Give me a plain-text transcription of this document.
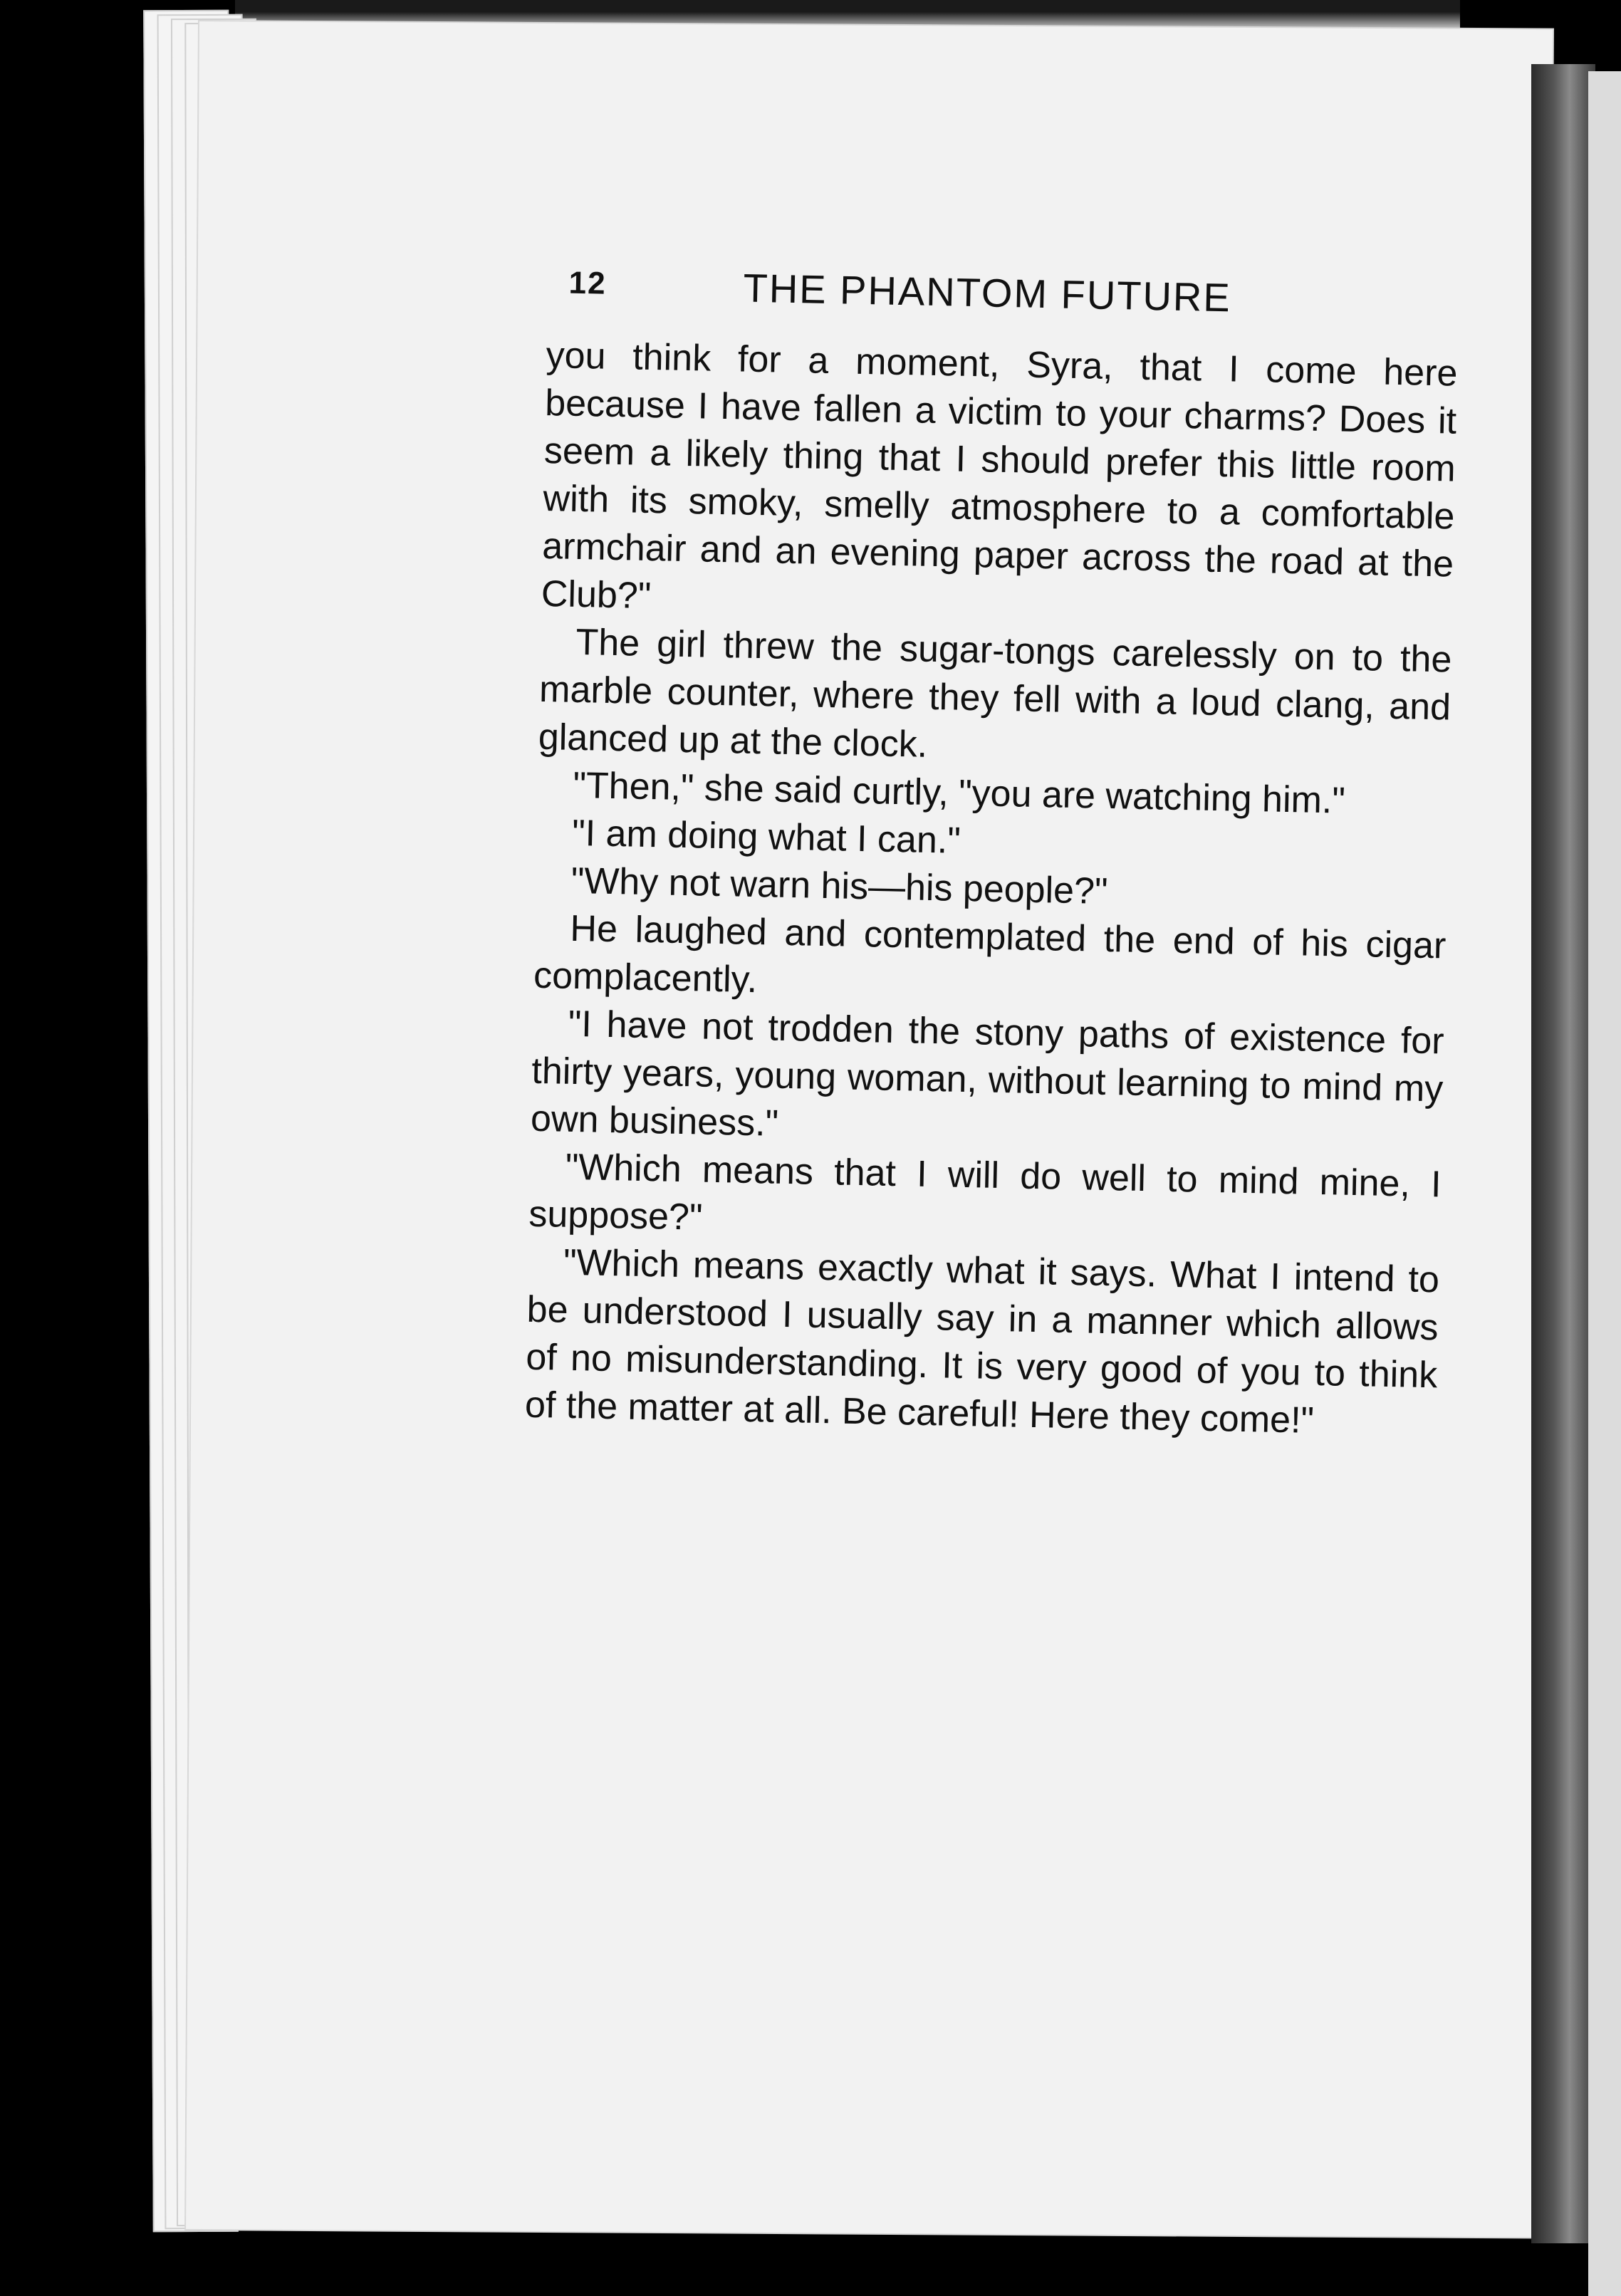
12	THE PHANTOM FUTURE

you think for a moment, Syra, that I come here because I have fallen a victim to your charms? Does it seem a likely thing that I should prefer this little room with its smoky, smelly atmosphere to a comfortable armchair and an evening paper across the road at the Club?"

The girl threw the sugar-tongs carelessly on to the marble counter, where they fell with a loud clang, and glanced up at the clock.

"Then," she said curtly, "you are watching him."

"I am doing what I can."

"Why not warn his—his people?"

He laughed and contemplated the end of his cigar complacently.

"I have not trodden the stony paths of existence for thirty years, young woman, without learning to mind my own business."

"Which means that I will do well to mind mine, I suppose?"

"Which means exactly what it says. What I intend to be understood I usually say in a manner which allows of no misunderstanding. It is very good of you to think of the matter at all. Be careful! Here they come!"
